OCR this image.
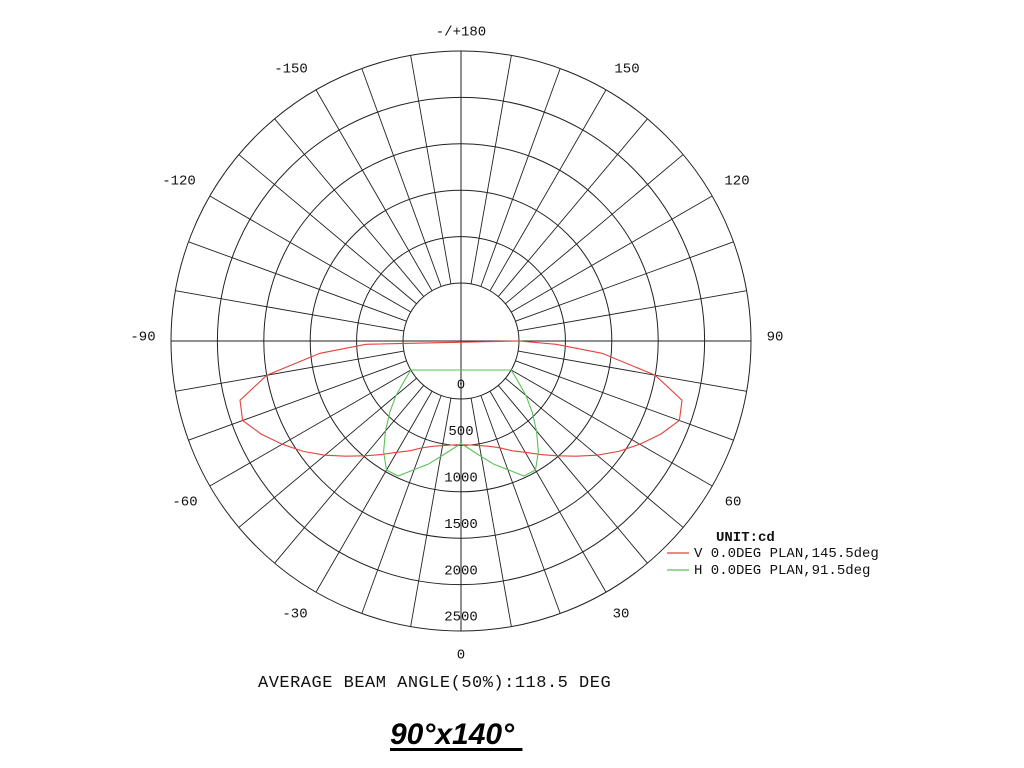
-/+180
150
-150
120
-120
90
-90
60
-60
30
-30
0
0
500
1000
1500
2000
2500
UNIT:cd
V 0.0DEG PLAN,145.5deg
H 0.0DEG PLAN,91.5deg

AVERAGE BEAM ANGLE(50%):118.5 DEG

90°x140°
